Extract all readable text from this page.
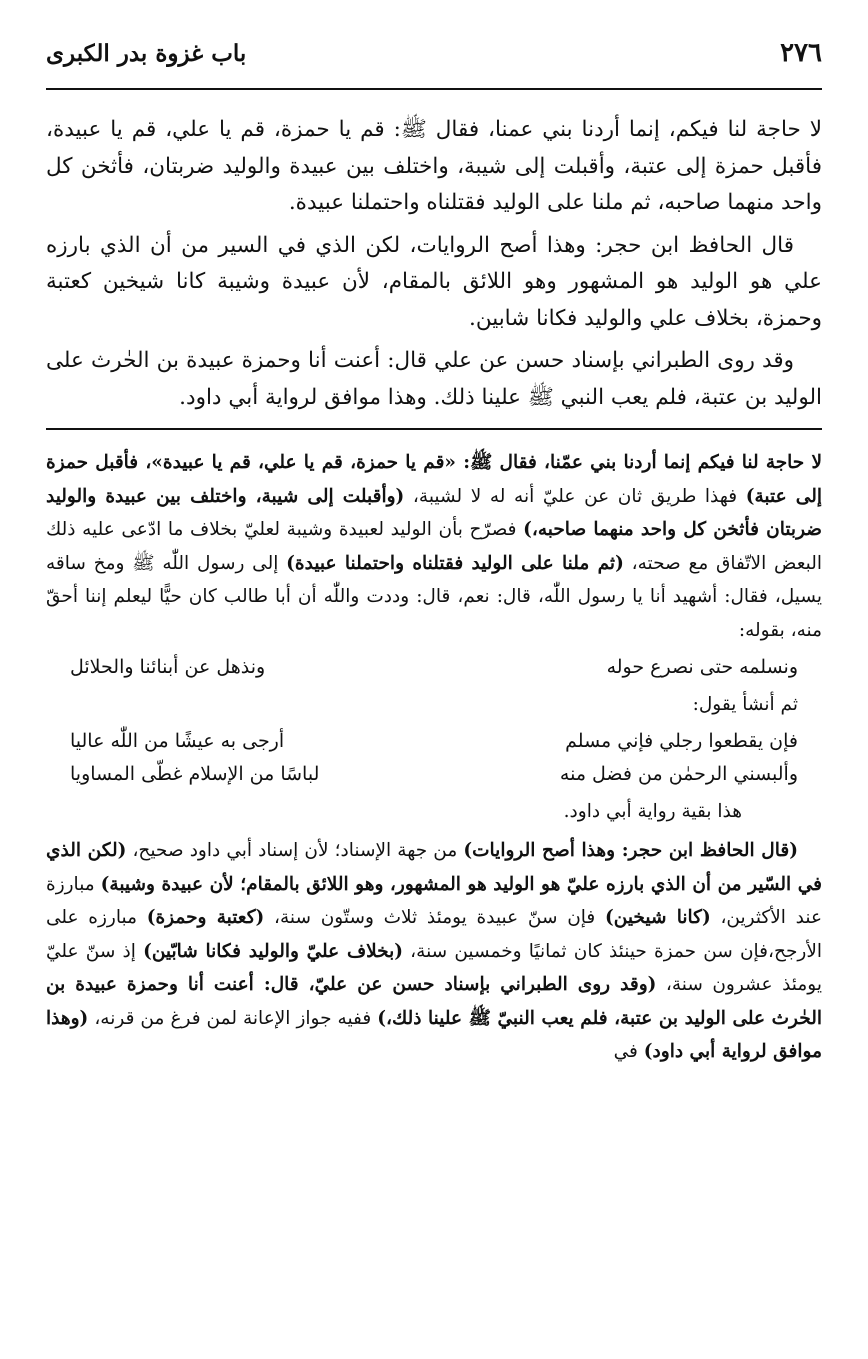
٢٧٦
باب غزوة بدر الكبرى

لا حاجة لنا فيكم، إنما أردنا بني عمنا، فقال ﷺ: قم يا حمزة، قم يا علي، قم يا عبيدة، فأقبل حمزة إلى عتبة، وأقبلت إلى شيبة، واختلف بين عبيدة والوليد ضربتان، فأثخن كل واحد منهما صاحبه، ثم ملنا على الوليد فقتلناه واحتملنا عبيدة.

قال الحافظ ابن حجر: وهذا أصح الروايات، لكن الذي في السير من أن الذي بارزه علي هو الوليد هو المشهور وهو اللائق بالمقام، لأن عبيدة وشيبة كانا شيخين كعتبة وحمزة، بخلاف علي والوليد فكانا شابين.

وقد روى الطبراني بإسناد حسن عن علي قال: أعنت أنا وحمزة عبيدة بن الحٰرث على الوليد بن عتبة، فلم يعب النبي ﷺ علينا ذلك. وهذا موافق لرواية أبي داود.

لا حاجة لنا فيكم إنما أردنا بني عمّنا، فقال ﷺ: «قم يا حمزة، قم يا علي، قم يا عبيدة»، فأقبل حمزة إلى عتبة) فهذا طريق ثان عن عليّ أنه له لا لشيبة، (وأقبلت إلى شيبة، واختلف بين عبيدة والوليد ضربتان فأثخن كل واحد منهما صاحبه،) فصرّح بأن الوليد لعبيدة وشيبة لعليّ بخلاف ما ادّعى عليه ذلك البعض الاتّفاق مع صحته، (ثم ملنا على الوليد فقتلناه واحتملنا عبيدة) إلى رسول اللّٰه ﷺ ومخ ساقه يسيل، فقال: أشهيد أنا يا رسول اللّٰه، قال: نعم، قال: وددت واللّٰه أن أبا طالب كان حيًّا ليعلم إننا أحقّ منه، بقوله:

ونسلمه حتى نصرع حوله
ونذهل عن أبنائنا والحلائل
ثم أنشأ يقول:
فإن يقطعوا رجلي فإني مسلم
أرجى به عيشًا من اللّٰه عاليا
وألبسني الرحمٰن من فضل منه
لباسًا من الإسلام غطّى المساويا
هذا بقية رواية أبي داود.

(قال الحافظ ابن حجر: وهذا أصح الروايات) من جهة الإسناد؛ لأن إسناد أبي داود صحيح، (لكن الذي في السّير من أن الذي بارزه عليّ هو الوليد هو المشهور، وهو اللائق بالمقام؛ لأن عبيدة وشيبة) مبارزة عند الأكثرين، (كانا شيخين) فإن سنّ عبيدة يومئذ ثلاث وستّون سنة، (كعتبة وحمزة) مبارزه على الأرجح،فإن سن حمزة حينئذ كان ثمانيًا وخمسين سنة، (بخلاف عليّ والوليد فكانا شابّين) إذ سنّ عليّ يومئذ عشرون سنة، (وقد روى الطبراني بإسناد حسن عن عليّ، قال: أعنت أنا وحمزة عبيدة بن الحٰرث على الوليد بن عتبة، فلم يعب النبيّ ﷺ علينا ذلك،) ففيه جواز الإعانة لمن فرغ من قرنه، (وهذا موافق لرواية أبي داود) في
